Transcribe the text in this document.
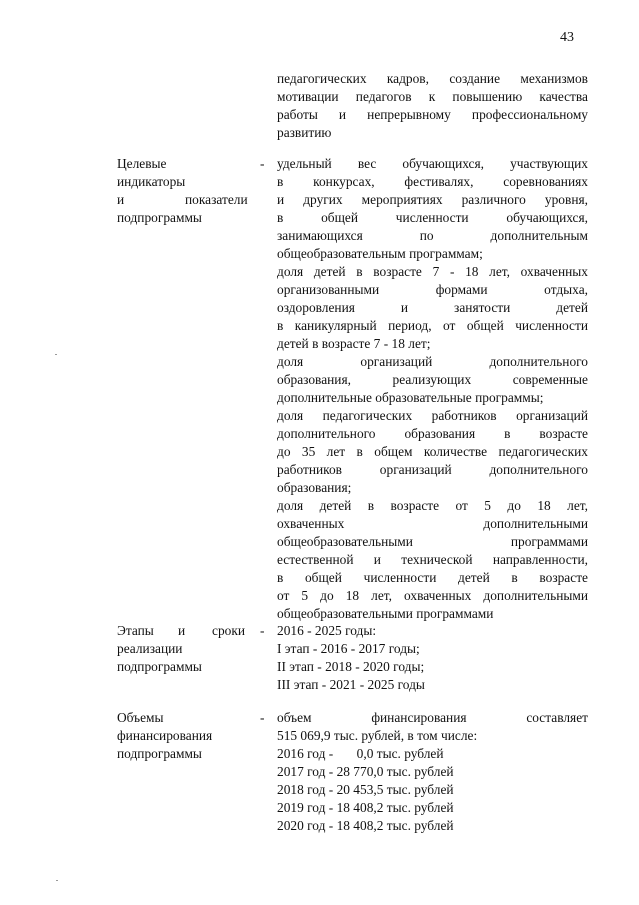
43
педагогических кадров, создание механизмов
мотивации педагогов к повышению качества
работы и непрерывному профессиональному
развитию
Целевые
индикаторы
и	показатели
подпрограммы
- удельный вес обучающихся, участвующих
в конкурсах, фестивалях, соревнованиях
и других мероприятиях различного уровня,
в общей численности обучающихся,
занимающихся по дополнительным
общеобразовательным программам;
доля детей в возрасте 7 - 18 лет, охваченных
организованными формами отдыха,
оздоровления и занятости детей
в каникулярный период, от общей численности
детей в возрасте 7 - 18 лет;
доля организаций дополнительного
образования, реализующих современные
дополнительные образовательные программы;
доля педагогических работников организаций
дополнительного образования в возрасте
до 35 лет в общем количестве педагогических
работников организаций дополнительного
образования;
доля детей в возрасте от 5 до 18 лет,
охваченных дополнительными
общеобразовательными программами
естественной и технической направленности,
в общей численности детей в возрасте
от 5 до 18 лет, охваченных дополнительными
общеобразовательными программами
Этапы и сроки
реализации
подпрограммы
- 2016 - 2025 годы:
I этап - 2016 - 2017 годы;
II этап - 2018 - 2020 годы;
III этап - 2021 - 2025 годы
Объемы
финансирования
подпрограммы
- объем финансирования составляет
515 069,9 тыс. рублей, в том числе:
2016 год -       0,0 тыс. рублей
2017 год - 28 770,0 тыс. рублей
2018 год - 20 453,5 тыс. рублей
2019 год - 18 408,2 тыс. рублей
2020 год - 18 408,2 тыс. рублей
